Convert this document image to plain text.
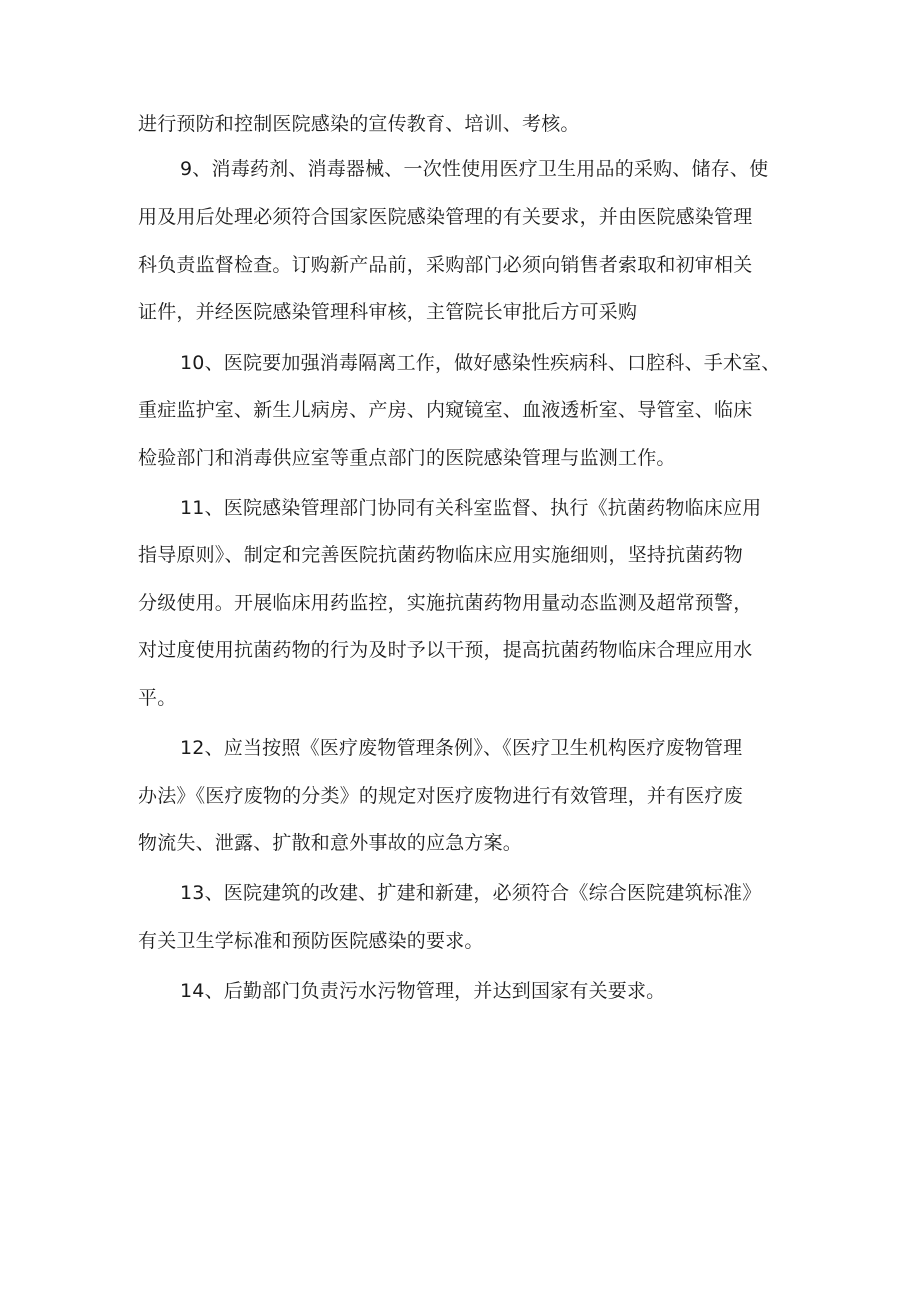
进行预防和控制医院感染的宣传教育、培训、考核。
9、消毒药剂、消毒器械、一次性使用医疗卫生用品的采购、储存、使
用及用后处理必须符合国家医院感染管理的有关要求，并由医院感染管理
科负责监督检查。订购新产品前，采购部门必须向销售者索取和初审相关
证件，并经医院感染管理科审核，主管院长审批后方可采购
10、医院要加强消毒隔离工作，做好感染性疾病科、口腔科、手术室、
重症监护室、新生儿病房、产房、内窥镜室、血液透析室、导管室、临床
检验部门和消毒供应室等重点部门的医院感染管理与监测工作。
11、医院感染管理部门协同有关科室监督、执行《抗菌药物临床应用
指导原则》、制定和完善医院抗菌药物临床应用实施细则，坚持抗菌药物
分级使用。开展临床用药监控，实施抗菌药物用量动态监测及超常预警，
对过度使用抗菌药物的行为及时予以干预，提高抗菌药物临床合理应用水
平。
12、应当按照《医疗废物管理条例》、《医疗卫生机构医疗废物管理
办法》《医疗废物的分类》的规定对医疗废物进行有效管理，并有医疗废
物流失、泄露、扩散和意外事故的应急方案。
13、医院建筑的改建、扩建和新建，必须符合《综合医院建筑标准》
有关卫生学标准和预防医院感染的要求。
14、后勤部门负责污水污物管理，并达到国家有关要求。
